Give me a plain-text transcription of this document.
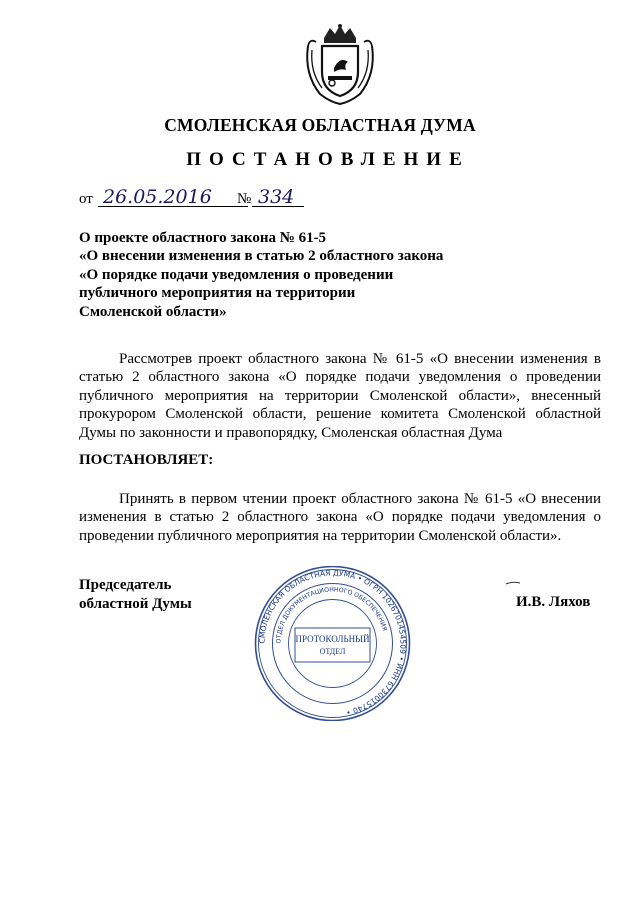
СМОЛЕНСКАЯ ОБЛАСТНАЯ ДУМА
ПОСТАНОВЛЕНИЕ
от 26.05.2016 № 334
О проекте областного закона № 61-5
«О внесении изменения в статью 2 областного закона
«О порядке подачи уведомления о проведении
публичного мероприятия на территории
Смоленской области»
Рассмотрев проект областного закона № 61-5 «О внесении изменения в статью 2 областного закона «О порядке подачи уведомления о проведении публичного мероприятия на территории Смоленской области», внесенный прокурором Смоленской области, решение комитета Смоленской областной Думы по законности и правопорядку, Смоленская областная Дума
ПОСТАНОВЛЯЕТ:
Принять в первом чтении проект областного закона № 61-5 «О внесении изменения в статью 2 областного закона «О порядке подачи уведомления о проведении публичного мероприятия на территории Смоленской области».
Председатель
областной Думы	И.В. Ляхов
СМОЛЕНСКАЯ ОБЛАСТНАЯ ДУМА • ОГРН 1026701454509 • ИНН 6730015740 •
ОТДЕЛ ДОКУМЕНТАЦИОННОГО ОБЕСПЕЧЕНИЯ
ПРОТОКОЛЬНЫЙ
ОТДЕЛ
